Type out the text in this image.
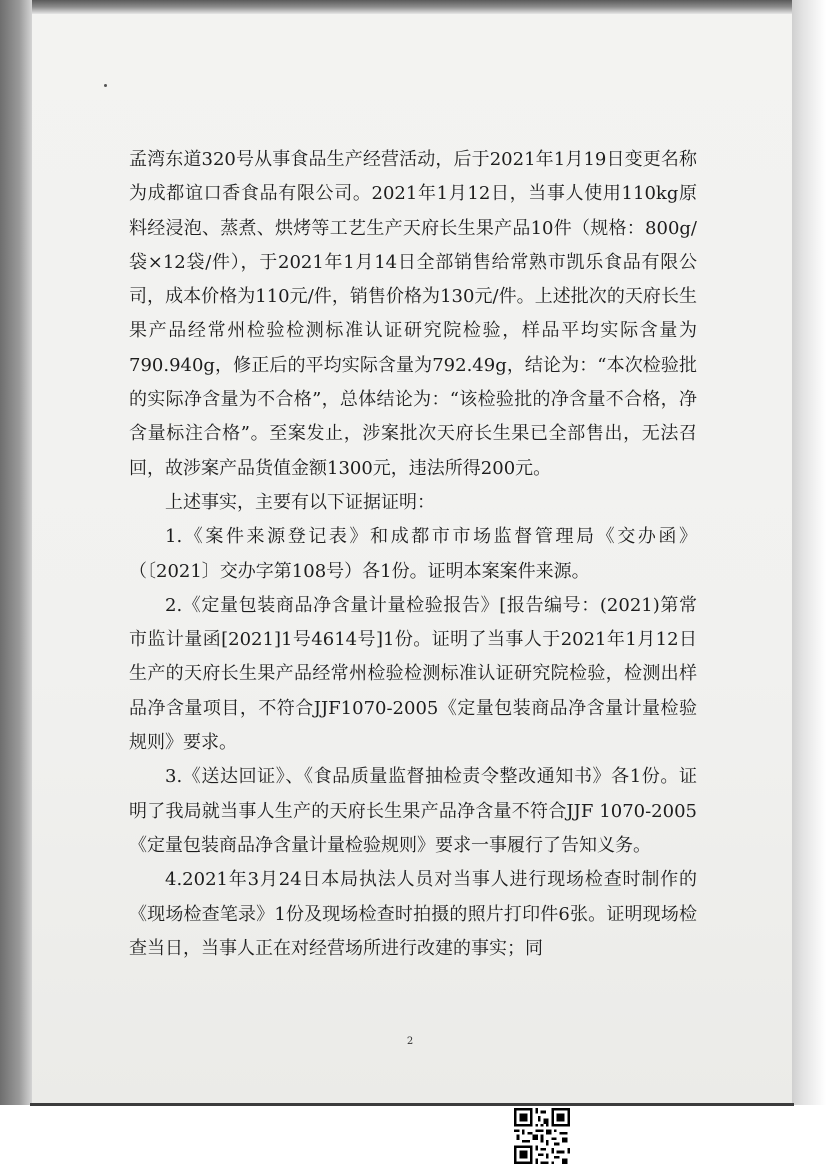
孟湾东道320号从事食品生产经营活动，后于2021年1月19日变更名称为成都谊口香食品有限公司。2021年1月12日，当事人使用110kg原料经浸泡、蒸煮、烘烤等工艺生产天府长生果产品10件（规格：800g/袋×12袋/件），于2021年1月14日全部销售给常熟市凯乐食品有限公司，成本价格为110元/件，销售价格为130元/件。上述批次的天府长生果产品经常州检验检测标准认证研究院检验，样品平均实际含量为790.940g，修正后的平均实际含量为792.49g，结论为：“本次检验批的实际净含量为不合格”，总体结论为：“该检验批的净含量不合格，净含量标注合格”。至案发止，涉案批次天府长生果已全部售出，无法召回，故涉案产品货值金额1300元，违法所得200元。

上述事实，主要有以下证据证明：

1.《案件来源登记表》和成都市市场监督管理局《交办函》（〔2021〕交办字第108号）各1份。证明本案案件来源。

2.《定量包装商品净含量计量检验报告》[报告编号：(2021)第常市监计量函[2021]1号4614号]1份。证明了当事人于2021年1月12日生产的天府长生果产品经常州检验检测标准认证研究院检验，检测出样品净含量项目，不符合JJF1070-2005《定量包装商品净含量计量检验规则》要求。

3.《送达回证》、《食品质量监督抽检责令整改通知书》各1份。证明了我局就当事人生产的天府长生果产品净含量不符合JJF 1070-2005《定量包装商品净含量计量检验规则》要求一事履行了告知义务。

4.2021年3月24日本局执法人员对当事人进行现场检查时制作的《现场检查笔录》1份及现场检查时拍摄的照片打印件6张。证明现场检查当日，当事人正在对经营场所进行改建的事实；同

2
